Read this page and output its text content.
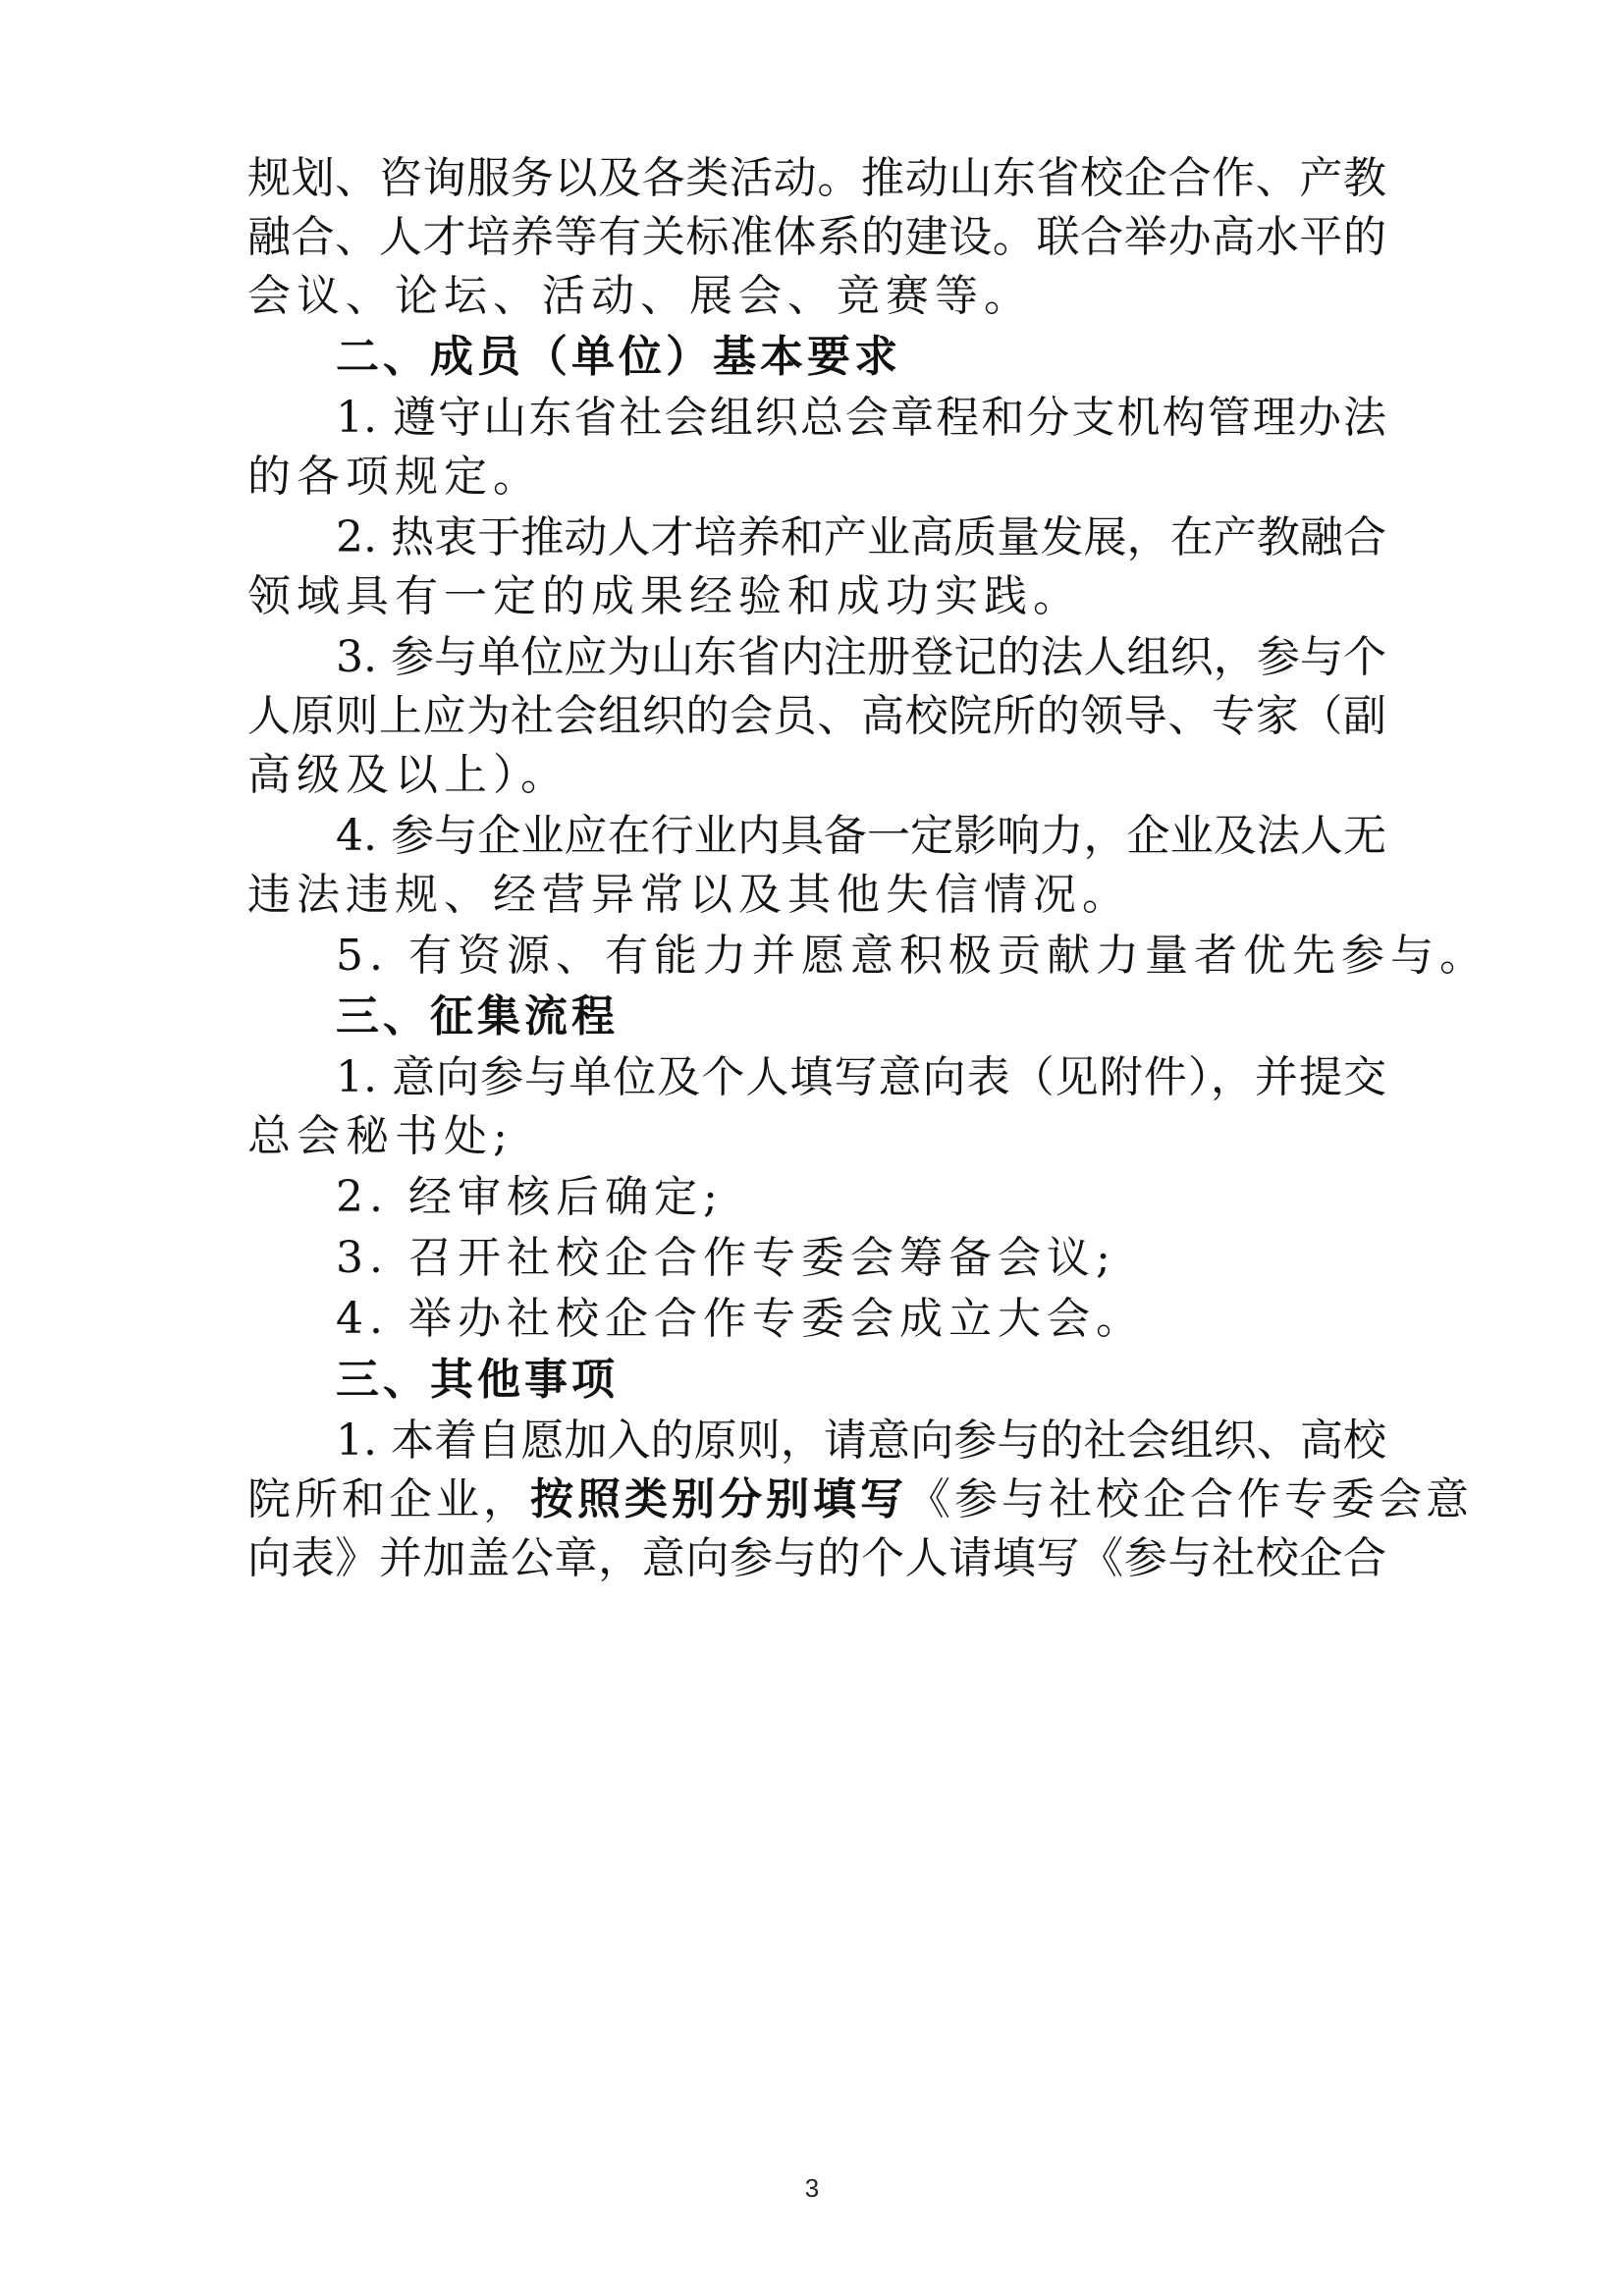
规划、咨询服务以及各类活动。推动山东省校企合作、产教
融合、人才培养等有关标准体系的建设。联合举办高水平的
会议、论坛、活动、展会、竞赛等。
二、成员（单位）基本要求
1. 遵守山东省社会组织总会章程和分支机构管理办法
的各项规定。
2. 热衷于推动人才培养和产业高质量发展，在产教融合
领域具有一定的成果经验和成功实践。
3. 参与单位应为山东省内注册登记的法人组织，参与个
人原则上应为社会组织的会员、高校院所的领导、专家（副
高级及以上）。
4. 参与企业应在行业内具备一定影响力，企业及法人无
违法违规、经营异常以及其他失信情况。
5. 有资源、有能力并愿意积极贡献力量者优先参与。
三、征集流程
1. 意向参与单位及个人填写意向表（见附件），并提交
总会秘书处;
2. 经审核后确定;
3. 召开社校企合作专委会筹备会议;
4. 举办社校企合作专委会成立大会。
三、其他事项
1. 本着自愿加入的原则，请意向参与的社会组织、高校
院所和企业，按照类别分别填写《参与社校企合作专委会意
向表》并加盖公章，意向参与的个人请填写《参与社校企合
3
